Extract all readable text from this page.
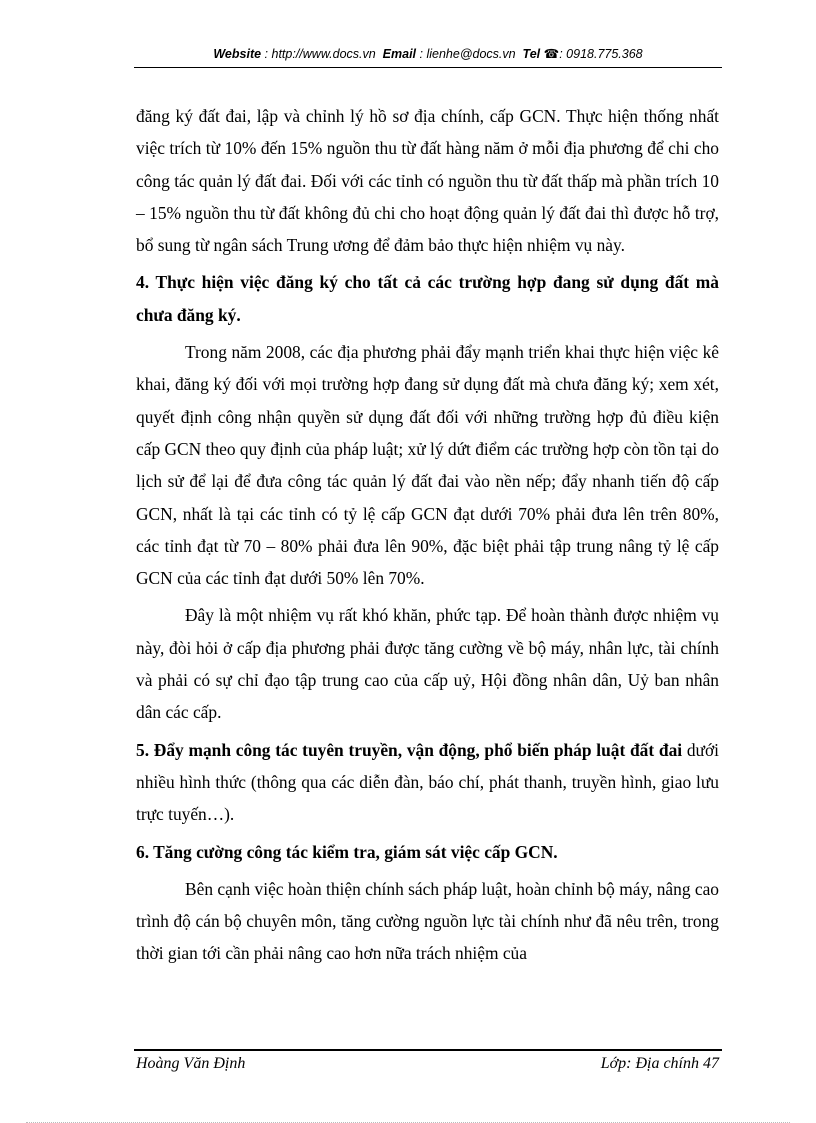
Website : http://www.docs.vn Email : lienhe@docs.vn Tel ☎: 0918.775.368

đăng ký đất đai, lập và chỉnh lý hồ sơ địa chính, cấp GCN. Thực hiện thống nhất việc trích từ 10% đến 15% nguồn thu từ đất hàng năm ở mỗi địa phương để chi cho công tác quản lý đất đai. Đối với các tỉnh có nguồn thu từ đất thấp mà phần trích 10 – 15% nguồn thu từ đất không đủ chi cho hoạt động quản lý đất đai thì được hỗ trợ, bổ sung từ ngân sách Trung ương để đảm bảo thực hiện nhiệm vụ này.

4. Thực hiện việc đăng ký cho tất cả các trường hợp đang sử dụng đất mà chưa đăng ký.

Trong năm 2008, các địa phương phải đẩy mạnh triển khai thực hiện việc kê khai, đăng ký đối với mọi trường hợp đang sử dụng đất mà chưa đăng ký; xem xét, quyết định công nhận quyền sử dụng đất đối với những trường hợp đủ điều kiện cấp GCN theo quy định của pháp luật; xử lý dứt điểm các trường hợp còn tồn tại do lịch sử để lại để đưa công tác quản lý đất đai vào nền nếp; đẩy nhanh tiến độ cấp GCN, nhất là tại các tỉnh có tỷ lệ cấp GCN đạt dưới 70% phải đưa lên trên 80%, các tỉnh đạt từ 70 – 80% phải đưa lên 90%, đặc biệt phải tập trung nâng tỷ lệ cấp GCN của các tỉnh đạt dưới 50% lên 70%.

Đây là một nhiệm vụ rất khó khăn, phức tạp. Để hoàn thành được nhiệm vụ này, đòi hỏi ở cấp địa phương phải được tăng cường về bộ máy, nhân lực, tài chính và phải có sự chỉ đạo tập trung cao của cấp uỷ, Hội đồng nhân dân, Uỷ ban nhân dân các cấp.

5. Đẩy mạnh công tác tuyên truyền, vận động, phổ biến pháp luật đất đai dưới nhiều hình thức (thông qua các diễn đàn, báo chí, phát thanh, truyền hình, giao lưu trực tuyến…).

6. Tăng cường công tác kiểm tra, giám sát việc cấp GCN.

Bên cạnh việc hoàn thiện chính sách pháp luật, hoàn chỉnh bộ máy, nâng cao trình độ cán bộ chuyên môn, tăng cường nguồn lực tài chính như đã nêu trên, trong thời gian tới cần phải nâng cao hơn nữa trách nhiệm của

Hoàng Văn Định	Lớp: Địa chính 47
